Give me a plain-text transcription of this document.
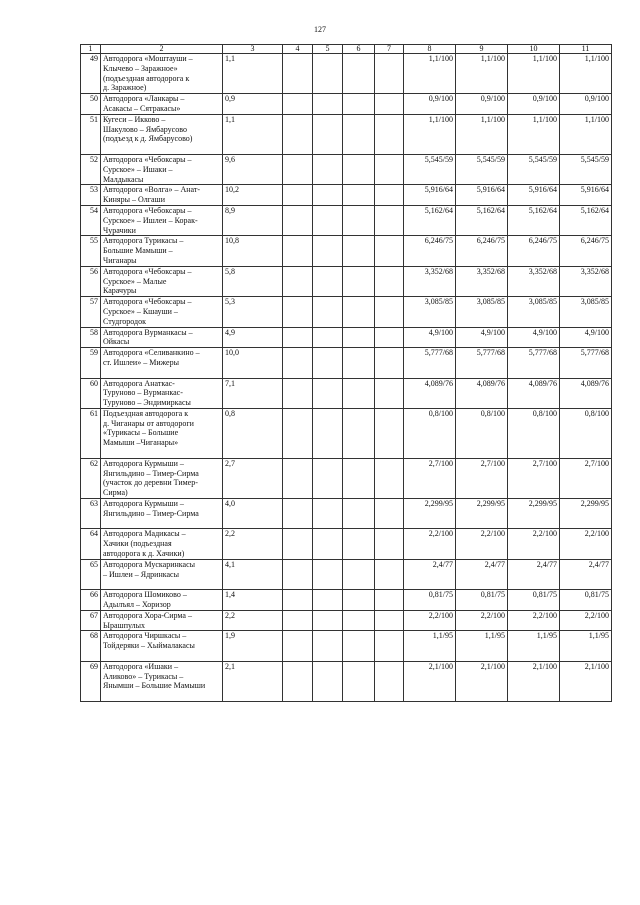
127
1	2	3	4	5	6	7	8	9	10	11
49	Автодорога «Моштауши –
Клычево – Заражное»
(подъездная автодорога к
д. Заражное)	1,1					1,1/100	1,1/100	1,1/100	1,1/100
50	Автодорога «Ланкары –
Асакасы – Сятракасы»	0,9					0,9/100	0,9/100	0,9/100	0,9/100
51	Кугеси – Икково –
Шакулово – Ямбарусово
(подъезд к д. Ямбарусово)	1,1					1,1/100	1,1/100	1,1/100	1,1/100
52	Автодорога «Чебоксары –
Сурское» – Ишаки –
Малдыкасы	9,6					5,545/59	5,545/59	5,545/59	5,545/59
53	Автодорога «Волга» – Анат-
Киняры – Олгаши	10,2					5,916/64	5,916/64	5,916/64	5,916/64
54	Автодорога «Чебоксары –
Сурское» – Ишлеи – Корак-
Чурачики	8,9					5,162/64	5,162/64	5,162/64	5,162/64
55	Автодорога Турикасы –
Большие Мамыши –
Чиганары	10,8					6,246/75	6,246/75	6,246/75	6,246/75
56	Автодорога «Чебоксары –
Сурское» – Малые
Карачуры	5,8					3,352/68	3,352/68	3,352/68	3,352/68
57	Автодорога «Чебоксары –
Сурское» – Кшауши –
Студгородок	5,3					3,085/85	3,085/85	3,085/85	3,085/85
58	Автодорога Вурманкасы –
Ойкасы	4,9					4,9/100	4,9/100	4,9/100	4,9/100
59	Автодорога «Селиванкино –
ст. Ишлеи» – Мижеры	10,0					5,777/68	5,777/68	5,777/68	5,777/68
60	Автодорога Анаткас-
Туруново – Вурманкас-
Туруново – Эндимиркасы	7,1					4,089/76	4,089/76	4,089/76	4,089/76
61	Подъездная автодорога к
д. Чиганары от автодороги
«Турикасы – Большие
Мамыши –Чиганары»	0,8					0,8/100	0,8/100	0,8/100	0,8/100
62	Автодорога Курмыши –
Янгильдино – Тимер-Сирма
(участок до деревни Тимер-
Сирма)	2,7					2,7/100	2,7/100	2,7/100	2,7/100
63	Автодорога Курмыши –
Янгильдино – Тимер-Сирма	4,0					2,299/95	2,299/95	2,299/95	2,299/95
64	Автодорога Мадикасы –
Хачики (подъездная
автодорога к д. Хачики)	2,2					2,2/100	2,2/100	2,2/100	2,2/100
65	Автодорога Мускаринкасы
– Ишлеи – Ядринкасы	4,1					2,4/77	2,4/77	2,4/77	2,4/77
66	Автодорога Шомиково –
Адылъял – Хоризор	1,4					0,81/75	0,81/75	0,81/75	0,81/75
67	Автодорога Хора-Сирма –
Ырашпулых	2,2					2,2/100	2,2/100	2,2/100	2,2/100
68	Автодорога Чиршкасы –
Тойдеряки – Хыймалакасы	1,9					1,1/95	1,1/95	1,1/95	1,1/95
69	Автодорога «Ишаки –
Аликово» – Турикасы –
Янымши – Большие Мамыши	2,1					2,1/100	2,1/100	2,1/100	2,1/100
